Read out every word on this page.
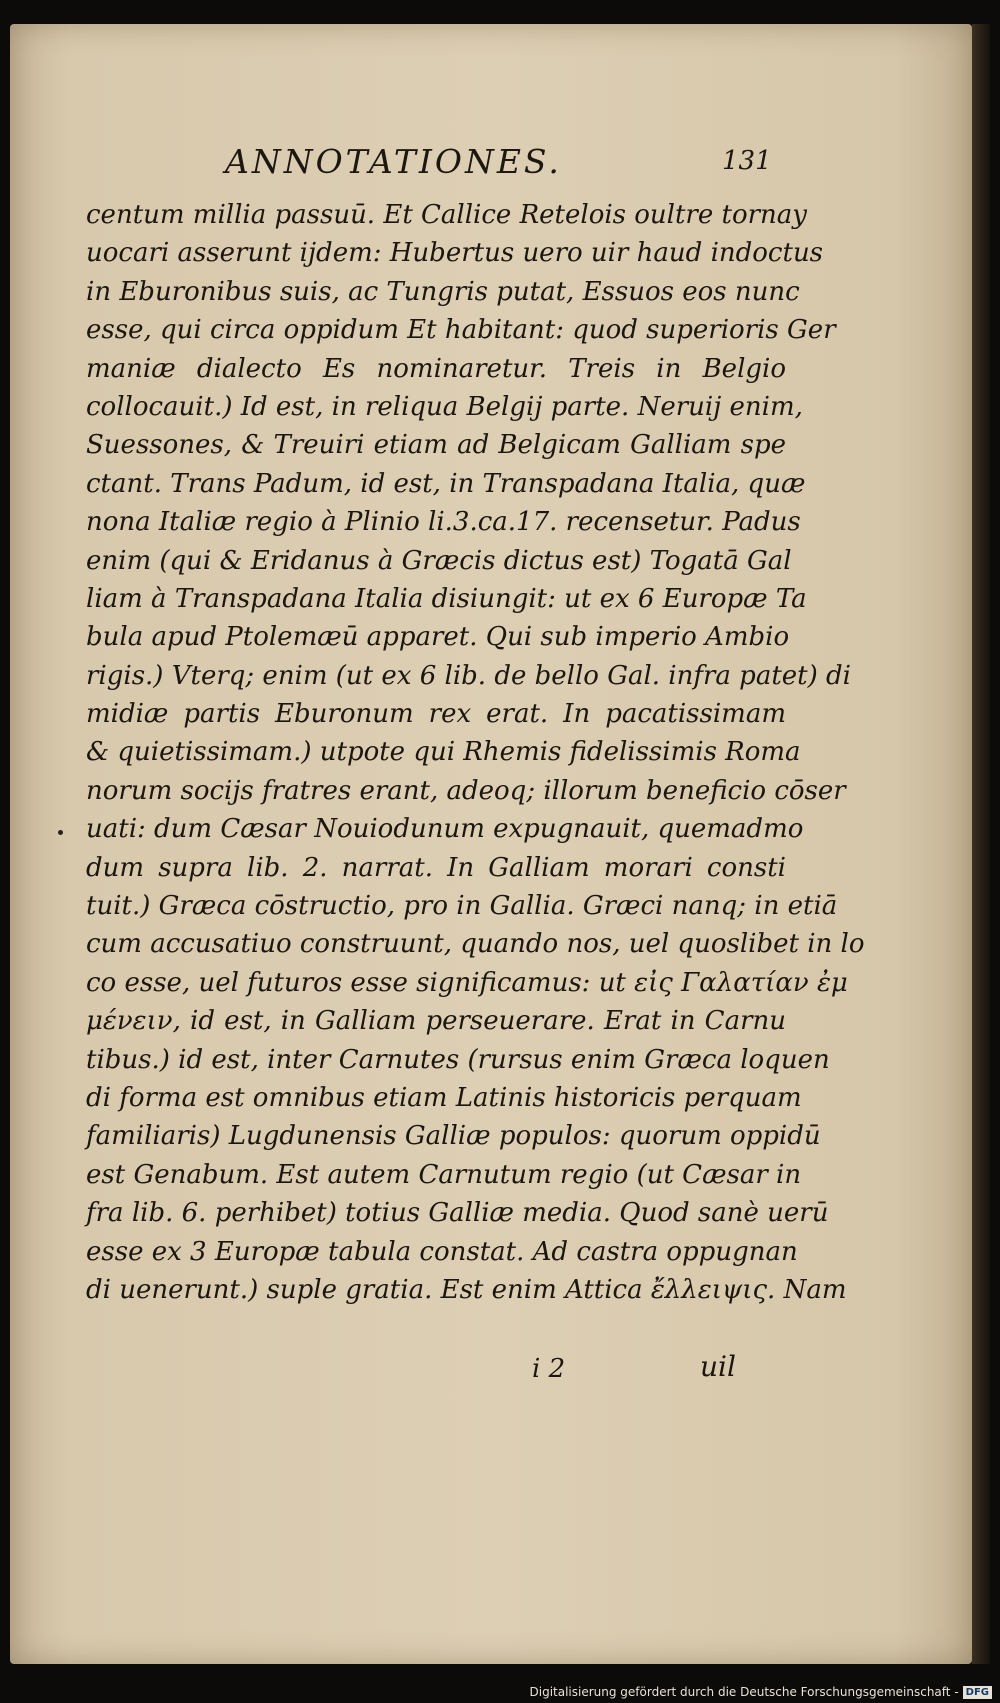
ANNOTATIONES.	131
centum millia passuū. Et Callice Retelois oultre tornay
uocari asserunt ijdem: Hubertus uero uir haud indoctus
in Eburonibus suis, ac Tungris putat, Essuos eos nunc
esse, qui circa oppidum Et habitant: quod superioris Ger
maniæ dialecto Es nominaretur. Treis in Belgio
collocauit.) Id est, in reliqua Belgij parte. Neruij enim,
Suessones, & Treuiri etiam ad Belgicam Galliam spe
ctant. Trans Padum, id est, in Transpadana Italia, quæ
nona Italiæ regio à Plinio li.3.ca.17. recensetur. Padus
enim (qui & Eridanus à Græcis dictus est) Togatā Gal
liam à Transpadana Italia disiungit: ut ex 6 Europæ Ta
bula apud Ptolemæū apparet. Qui sub imperio Ambio
rigis.) Vterq; enim (ut ex 6 lib. de bello Gal. infra patet) di
midiæ partis Eburonum rex erat. In pacatissimam
& quietissimam.) utpote qui Rhemis fidelissimis Roma
norum socijs fratres erant, adeoq; illorum beneficio cōser
uati: dum Cæsar Nouiodunum expugnauit, quemadmo
dum supra lib. 2. narrat. In Galliam morari consti
tuit.) Græca cōstructio, pro in Gallia. Græci nanq; in etiā
cum accusatiuo construunt, quando nos, uel quoslibet in lo
co esse, uel futuros esse significamus: ut εἰς Γαλατίαν ἐμ
μένειν, id est, in Galliam perseuerare. Erat in Carnu
tibus.) id est, inter Carnutes (rursus enim Græca loquen
di forma est omnibus etiam Latinis historicis perquam
familiaris) Lugdunensis Galliæ populos: quorum oppidū
est Genabum. Est autem Carnutum regio (ut Cæsar in
fra lib. 6. perhibet) totius Galliæ media. Quod sanè uerū
esse ex 3 Europæ tabula constat. Ad castra oppugnan
di uenerunt.) suple gratia. Est enim Attica ἔλλειψις. Nam
i 2	uil
Digitalisierung gefördert durch die Deutsche Forschungsgemeinschaft - DFG
